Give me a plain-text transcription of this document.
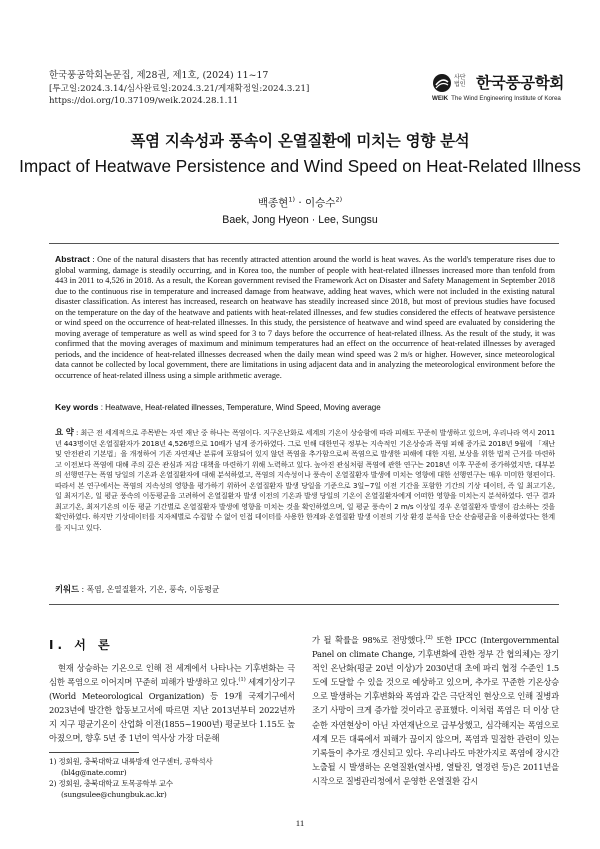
한국풍공학회논문집, 제28권, 제1호, (2024) 11~17
[투고일:2024.3.14/심사완료일:2024.3.21/게재확정일:2024.3.21]
https://doi.org/10.37109/weik.2024.28.1.11
사단
법인 한국풍공학회
WEIK The Wind Engineering Institute of Korea
폭염 지속성과 풍속이 온열질환에 미치는 영향 분석
Impact of Heatwave Persistence and Wind Speed on Heat-Related Illness
백종현$^{1)}$ · 이승수$^{2)}$
Baek, Jong Hyeon · Lee, Sungsu
Abstract : One of the natural disasters that has recently attracted attention around the world is heat waves. As the world's temperature rises due to global warming, damage is steadily occurring, and in Korea too, the number of people with heat-related illnesses increased more than tenfold from 443 in 2011 to 4,526 in 2018. As a result, the Korean government revised the Framework Act on Disaster and Safety Management in September 2018 due to the continuous rise in temperature and increased damage from heatwave, adding heat waves, which were not included in the existing natural disaster classification. As interest has increased, research on heatwave has steadily increased since 2018, but most of previous studies have focused on the temperature on the day of the heatwave and patients with heat-related illnesses, and few studies considered the effects of heatwave persistence or wind speed on the occurrence of heat-related illnesses. In this study, the persistence of heatwave and wind speed are evaluated by considering the moving average of temperature as well as wind speed for 3 to 7 days before the occurrence of heat-related illness. As the result of the study, it was confirmed that the moving averages of maximum and minimum temperatures had an effect on the occurrence of heat-related illnesses by averaged periods, and the incidence of heat-related illnesses decreased when the daily mean wind speed was 2 m/s or higher. However, since meteorological data cannot be collected by local government, there are limitations in using adjacent data and in analyzing the meteorological environment before the occurrence of heat-related illness using a simple arithmetic average.
Key words : Heatwave, Heat-related illnesses, Temperature, Wind Speed, Moving average
요 약 : 최근 전 세계적으로 주목받는 자연 재난 중 하나는 폭염이다. 지구온난화로 세계의 기온이 상승함에 따라 피해도 꾸준히 발생하고 있으며, 우리나라 역시 2011년 443명이던 온열질환자가 2018년 4,526명으로 10배가 넘게 증가하였다. 그로 인해 대한민국 정부는 지속적인 기온상승과 폭염 피해 증가로 2018년 9월에 「재난 및 안전관리 기본법」을 개정하여 기존 자연재난 분류에 포함되어 있지 않던 폭염을 추가함으로써 폭염으로 발생한 피해에 대한 지원, 보상을 위한 법적 근거를 마련하고 이전보다 폭염에 대해 주의 깊은 관심과 저감 대책을 마련하기 위해 노력하고 있다. 높아진 관심처럼 폭염에 관한 연구는 2018년 이후 꾸준히 증가하였지만, 대부분의 선행연구는 폭염 당일의 기온과 온열질환자에 대해 분석하였고, 폭염의 지속성이나 풍속이 온열질환자 발생에 미치는 영향에 대한 선행연구는 매우 미미한 형편이다. 따라서 본 연구에서는 폭염의 지속성의 영향을 평가하기 위하여 온열질환자 발생 당일을 기준으로 3일~7일 이전 기간을 포함한 기간의 기상 데이터, 즉 일 최고기온, 일 최저기온, 일 평균 풍속의 이동평균을 고려하여 온열질환자 발생 이전의 기온과 발생 당일의 기온이 온열질환자에게 어떠한 영향을 미치는지 분석하였다. 연구 결과 최고기온, 최저기온의 이동 평균 기간별로 온열질환자 발생에 영향을 미치는 것을 확인하였으며, 일 평균 풍속이 2 m/s 이상일 경우 온열질환자 발생이 감소하는 것을 확인하였다. 하지만 기상데이터를 지자체별로 수집할 수 없어 인접 데이터를 사용한 한계와 온열질환 발생 이전의 기상 환경 분석을 단순 산술평균을 이용하였다는 한계를 지니고 있다.
키워드 : 폭염, 온열질환자, 기온, 풍속, 이동평균
I. 서 론
　현재 상승하는 기온으로 인해 전 세계에서 나타나는 기후변화는 극심한 폭염으로 이어지며 꾸준히 피해가 발생하고 있다.$^{(1)}$ 세계기상기구(World Meteorological Organization) 등 19개 국제기구에서 2023년에 발간한 합동보고서에 따르면 지난 2013년부터 2022년까지 지구 평균기온이 산업화 이전(1855~1900년) 평균보다 1.15도 높아졌으며, 향후 5년 중 1년이 역사상 가장 더운해
가 될 확률을 98%로 전망했다.$^{(2)}$ 또한 IPCC (Intergovernmental Panel on climate Change, 기후변화에 관한 정부 간 협의체)는 장기적인 온난화(평균 20년 이상)가 2030년대 초에 파리 협정 수준인 1.5도에 도달할 수 있을 것으로 예상하고 있으며, 추가로 꾸준한 기온상승으로 발생하는 기후변화와 폭염과 같은 극단적인 현상으로 인해 질병과 조기 사망이 크게 증가할 것이라고 공표했다. 이처럼 폭염은 더 이상 단순한 자연현상이 아닌 자연재난으로 급부상했고, 심각해지는 폭염으로 세계 모든 대륙에서 피해가 끊이지 않으며, 폭염과 밀접한 관련이 있는 기록들이 추가로 갱신되고 있다. 우리나라도 마찬가지로 폭염에 장시간 노출될 시 발생하는 온열질환(열사병, 열탈진, 열경련 등)은 2011년을 시작으로 질병관리청에서 운영한 온열질환 감시
1) 정회원, 충북대학교 내륙방재 연구센터, 공학석사
(bl4g@nate.comr)
2) 정회원, 충북대학교 토목공학부 교수
(sungsulee@chungbuk.ac.kr)
11
